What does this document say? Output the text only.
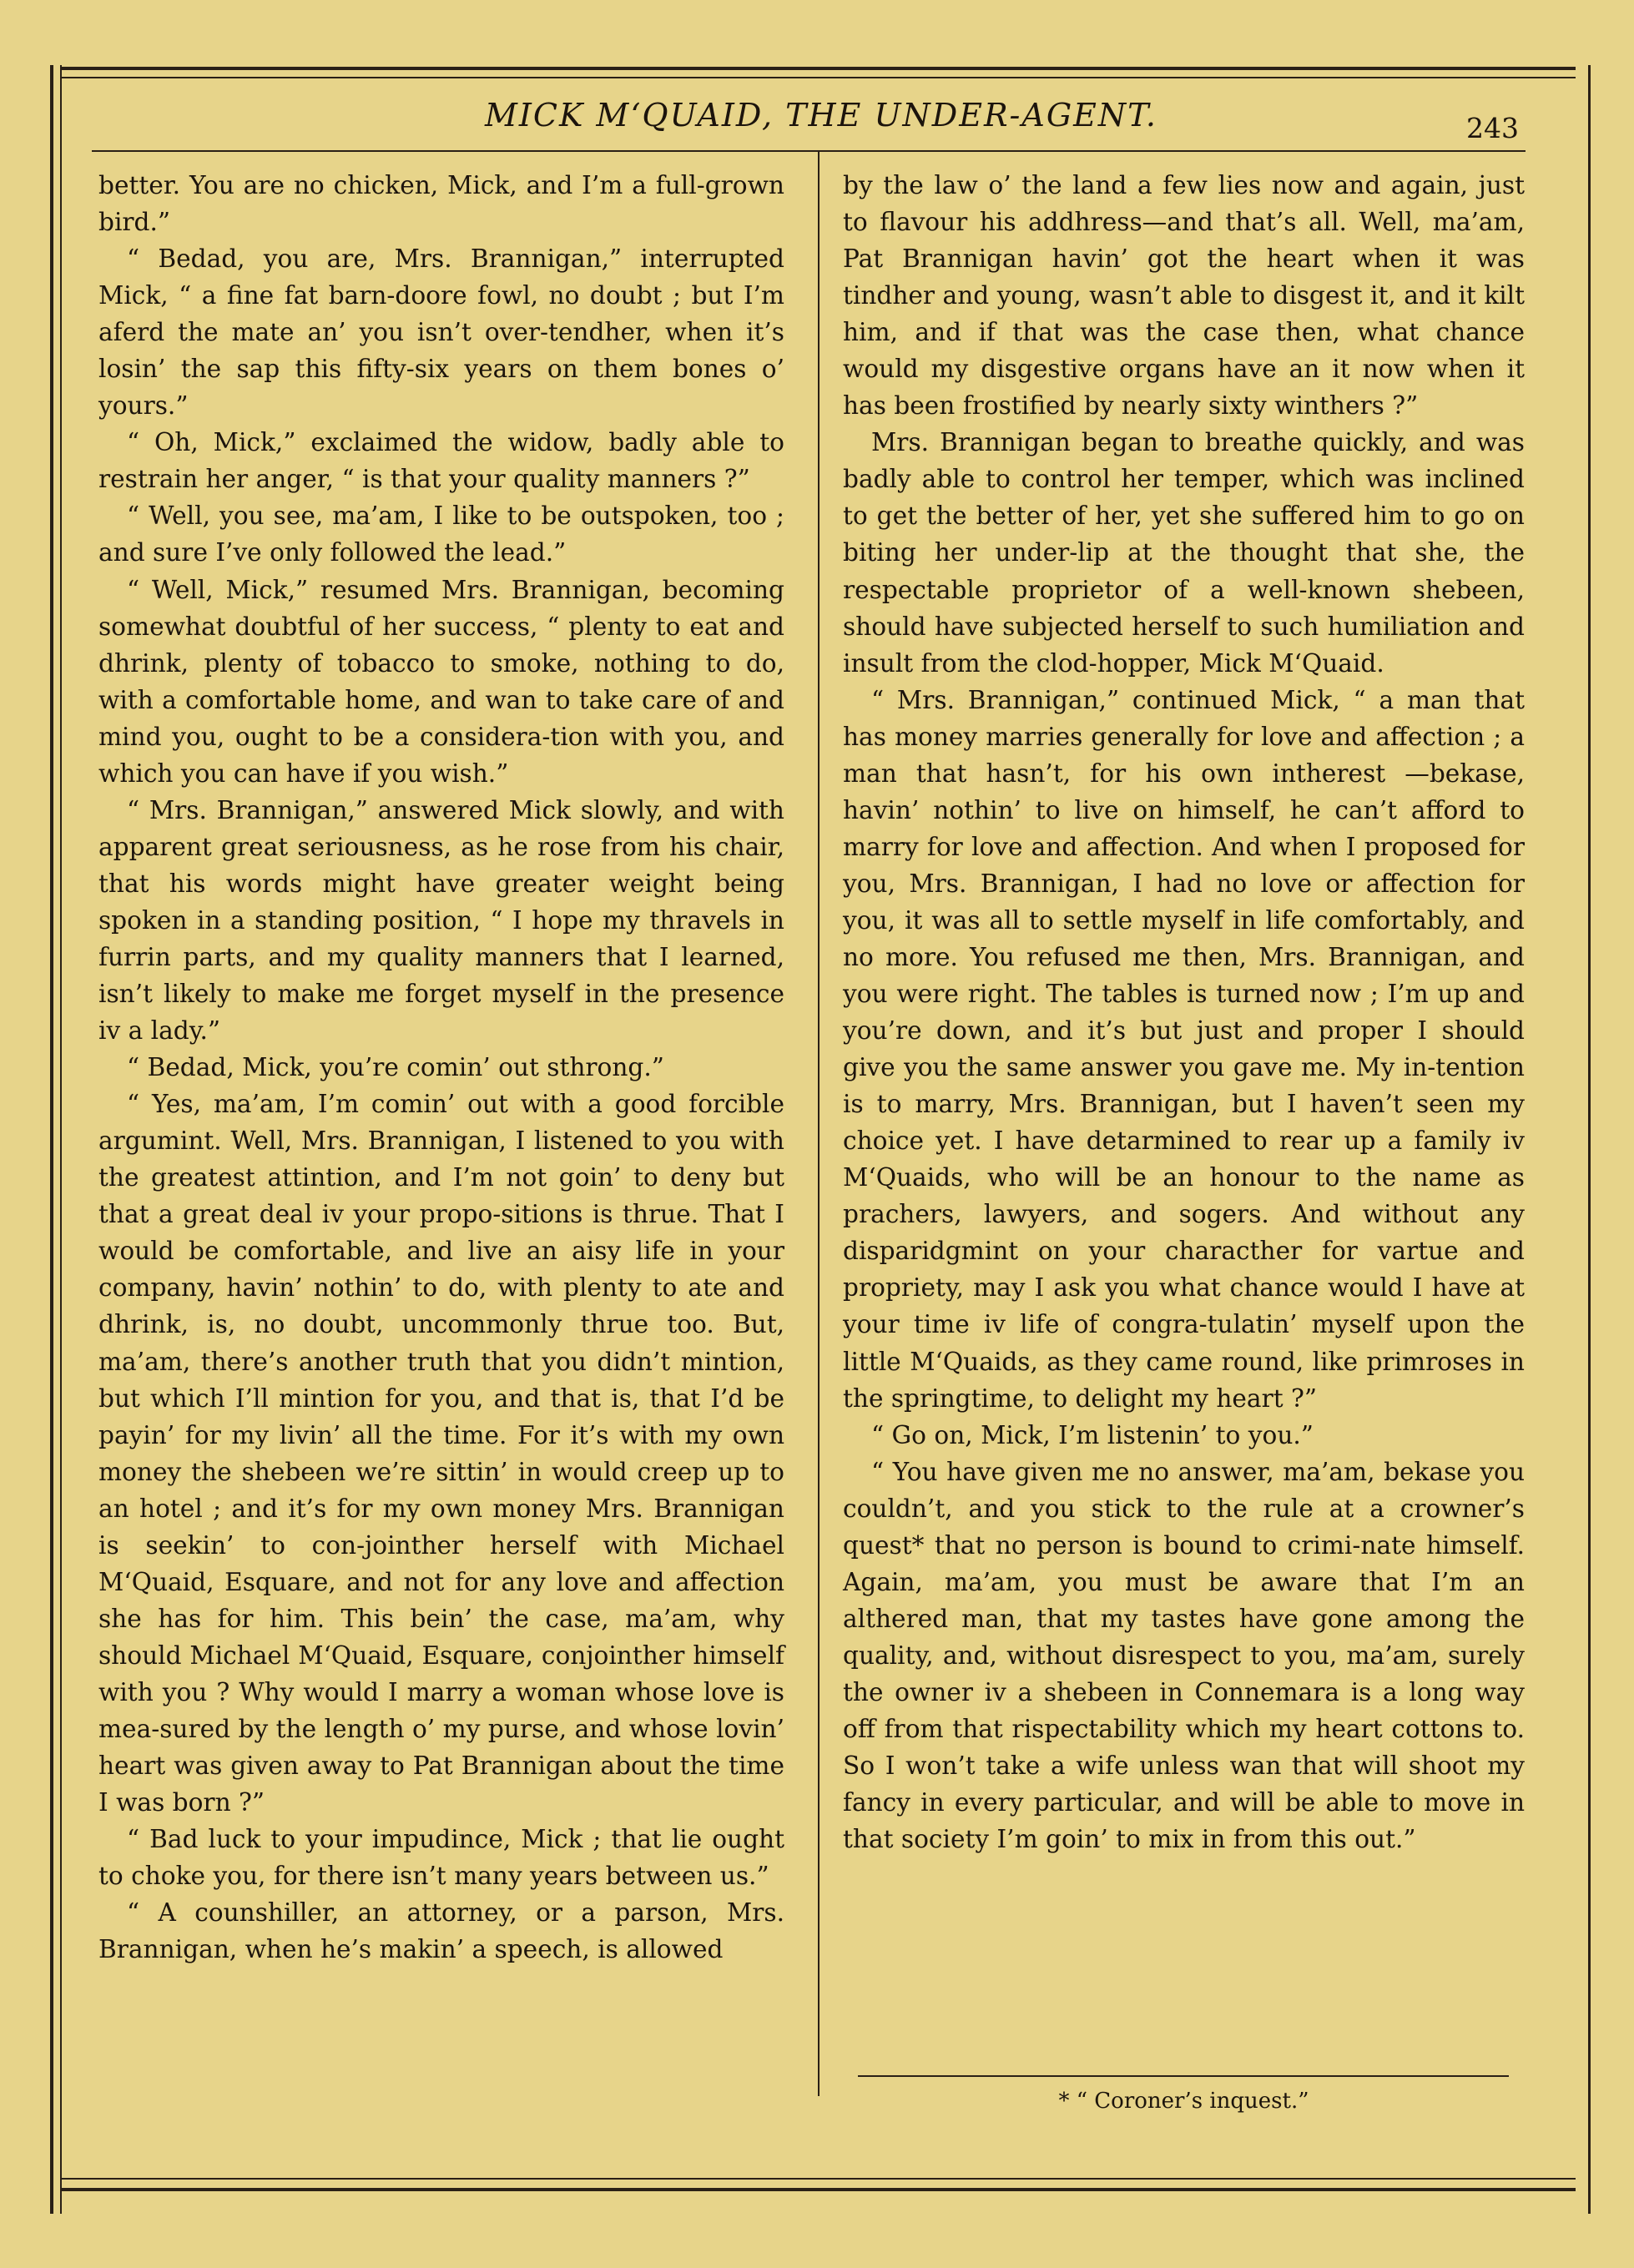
MICK M‘QUAID, THE UNDER-AGENT.	243

better. You are no chicken, Mick, and I’m a full-grown bird.”

“ Bedad, you are, Mrs. Brannigan,” interrupted Mick, “ a fine fat barn-doore fowl, no doubt ; but I’m aferd the mate an’ you isn’t over-tendher, when it’s losin’ the sap this fifty-six years on them bones o’ yours.”

“ Oh, Mick,” exclaimed the widow, badly able to restrain her anger, “ is that your quality manners ?”

“ Well, you see, ma’am, I like to be outspoken, too ; and sure I’ve only followed the lead.”

“ Well, Mick,” resumed Mrs. Brannigan, becoming somewhat doubtful of her success, “ plenty to eat and dhrink, plenty of tobacco to smoke, nothing to do, with a comfortable home, and wan to take care of and mind you, ought to be a considera-tion with you, and which you can have if you wish.”

“ Mrs. Brannigan,” answered Mick slowly, and with apparent great seriousness, as he rose from his chair, that his words might have greater weight being spoken in a standing position, “ I hope my thravels in furrin parts, and my quality manners that I learned, isn’t likely to make me forget myself in the presence iv a lady.”

“ Bedad, Mick, you’re comin’ out sthrong.”

“ Yes, ma’am, I’m comin’ out with a good forcible argumint. Well, Mrs. Brannigan, I listened to you with the greatest attintion, and I’m not goin’ to deny but that a great deal iv your propo-sitions is thrue. That I would be comfortable, and live an aisy life in your company, havin’ nothin’ to do, with plenty to ate and dhrink, is, no doubt, uncommonly thrue too. But, ma’am, there’s another truth that you didn’t mintion, but which I’ll mintion for you, and that is, that I’d be payin’ for my livin’ all the time. For it’s with my own money the shebeen we’re sittin’ in would creep up to an hotel ; and it’s for my own money Mrs. Brannigan is seekin’ to con-jointher herself with Michael M‘Quaid, Esquare, and not for any love and affection she has for him. This bein’ the case, ma’am, why should Michael M‘Quaid, Esquare, conjointher himself with you ? Why would I marry a woman whose love is mea-sured by the length o’ my purse, and whose lovin’ heart was given away to Pat Brannigan about the time I was born ?”

“ Bad luck to your impudince, Mick ; that lie ought to choke you, for there isn’t many years between us.”

“ A counshiller, an attorney, or a parson, Mrs. Brannigan, when he’s makin’ a speech, is allowed

by the law o’ the land a few lies now and again, just to flavour his addhress—and that’s all. Well, ma’am, Pat Brannigan havin’ got the heart when it was tindher and young, wasn’t able to disgest it, and it kilt him, and if that was the case then, what chance would my disgestive organs have an it now when it has been frostified by nearly sixty winthers ?”

Mrs. Brannigan began to breathe quickly, and was badly able to control her temper, which was inclined to get the better of her, yet she suffered him to go on biting her under-lip at the thought that she, the respectable proprietor of a well-known shebeen, should have subjected herself to such humiliation and insult from the clod-hopper, Mick M‘Quaid.

“ Mrs. Brannigan,” continued Mick, “ a man that has money marries generally for love and affection ; a man that hasn’t, for his own intherest —bekase, havin’ nothin’ to live on himself, he can’t afford to marry for love and affection. And when I proposed for you, Mrs. Brannigan, I had no love or affection for you, it was all to settle myself in life comfortably, and no more. You refused me then, Mrs. Brannigan, and you were right. The tables is turned now ; I’m up and you’re down, and it’s but just and proper I should give you the same answer you gave me. My in-tention is to marry, Mrs. Brannigan, but I haven’t seen my choice yet. I have detarmined to rear up a family iv M‘Quaids, who will be an honour to the name as prachers, lawyers, and sogers. And without any disparidgmint on your characther for vartue and propriety, may I ask you what chance would I have at your time iv life of congra-tulatin’ myself upon the little M‘Quaids, as they came round, like primroses in the springtime, to delight my heart ?”

“ Go on, Mick, I’m listenin’ to you.”

“ You have given me no answer, ma’am, bekase you couldn’t, and you stick to the rule at a crowner’s quest* that no person is bound to crimi-nate himself. Again, ma’am, you must be aware that I’m an althered man, that my tastes have gone among the quality, and, without disrespect to you, ma’am, surely the owner iv a shebeen in Connemara is a long way off from that rispectability which my heart cottons to. So I won’t take a wife unless wan that will shoot my fancy in every particular, and will be able to move in that society I’m goin’ to mix in from this out.”

* “ Coroner’s inquest.”
